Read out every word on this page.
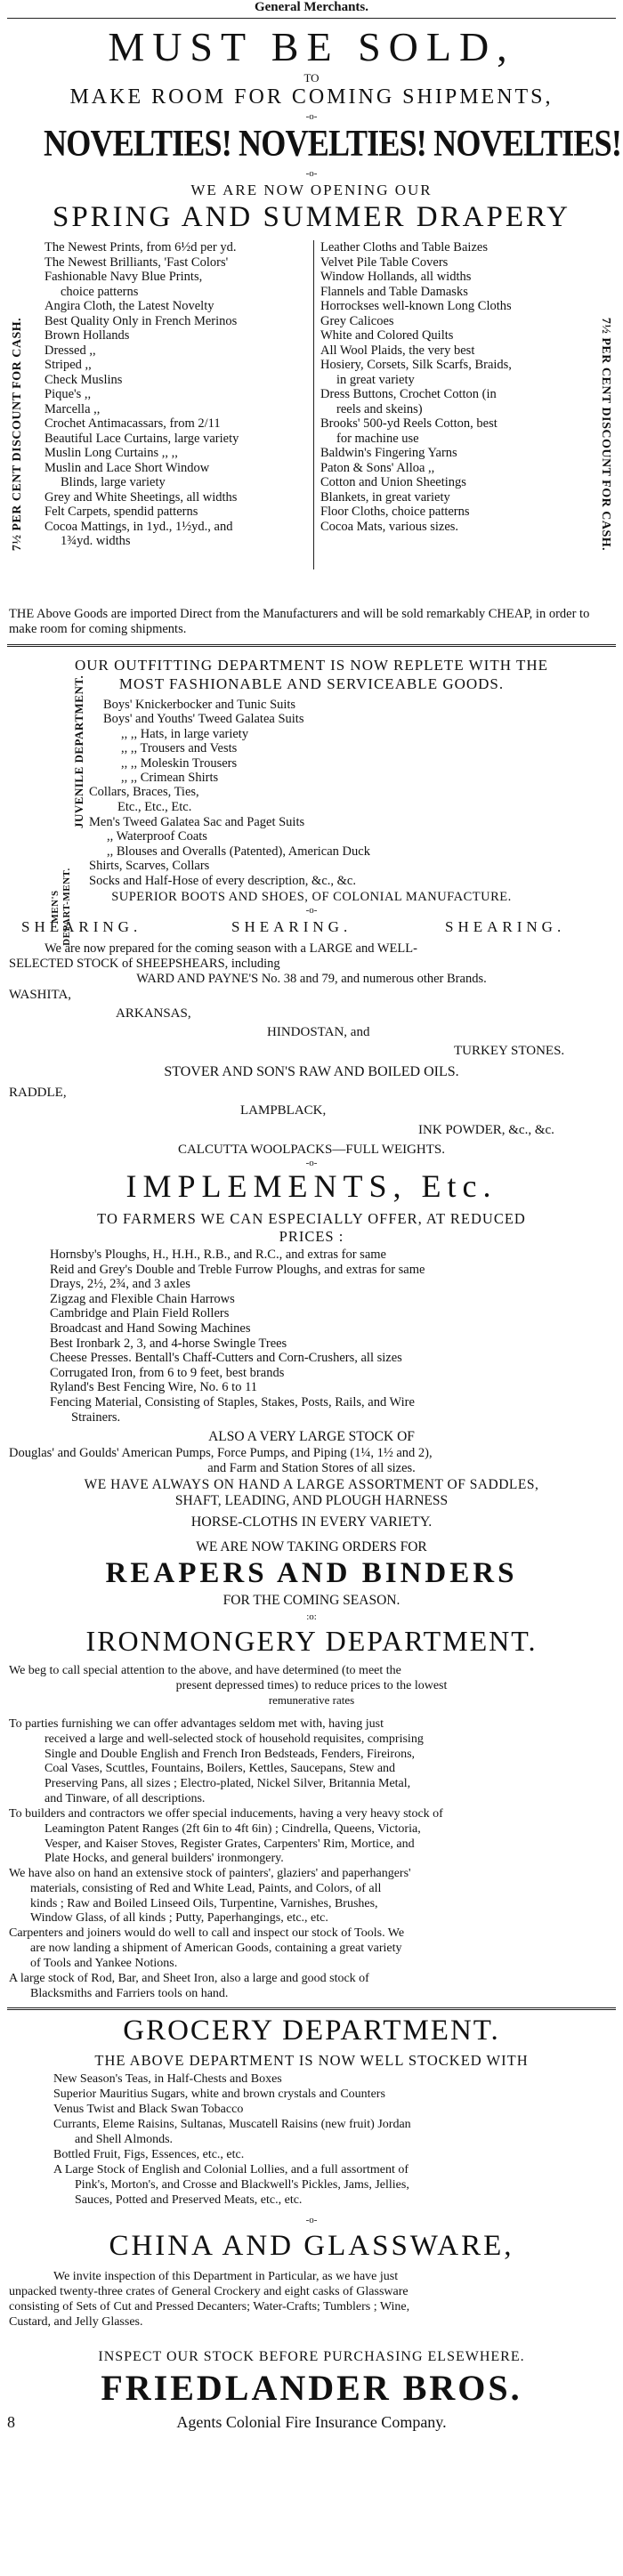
General Merchants.
MUST BE SOLD,
TO
MAKE ROOM FOR COMING SHIPMENTS,
-o-
NOVELTIES! NOVELTIES! NOVELTIES!
-o-
WE ARE NOW OPENING OUR
SPRING AND SUMMER DRAPERY
7½ PER CENT DISCOUNT FOR CASH.	7½ PER CENT DISCOUNT FOR CASH.
The Newest Prints, from 6½d per yd.
The Newest Brilliants, 'Fast Colors'
Fashionable Navy Blue Prints,
choice patterns
Angira Cloth, the Latest Novelty
Best Quality Only in French Merinos
Brown Hollands
Dressed ,,
Striped ,,
Check Muslins
Pique's ,,
Marcella ,,
Crochet Antimacassars, from 2/11
Beautiful Lace Curtains, large variety
Muslin Long Curtains ,, ,,
Muslin and Lace Short Window
Blinds, large variety
Grey and White Sheetings, all widths
Felt Carpets, spendid patterns
Cocoa Mattings, in 1yd., 1½yd., and
1¾yd. widths
Leather Cloths and Table Baizes
Velvet Pile Table Covers
Window Hollands, all widths
Flannels and Table Damasks
Horrockses well-known Long Cloths
Grey Calicoes
White and Colored Quilts
All Wool Plaids, the very best
Hosiery, Corsets, Silk Scarfs, Braids,
in great variety
Dress Buttons, Crochet Cotton (in
reels and skeins)
Brooks' 500-yd Reels Cotton, best
for machine use
Baldwin's Fingering Yarns
Paton & Sons' Alloa ,,
Cotton and Union Sheetings
Blankets, in great variety
Floor Cloths, choice patterns
Cocoa Mats, various sizes.
THE Above Goods are imported Direct from the Manufacturers and will be sold remarkably CHEAP, in order to make room for coming shipments.
OUR OUTFITTING DEPARTMENT IS NOW REPLETE WITH THE
MOST FASHIONABLE AND SERVICEABLE GOODS.
JUVENILE DEPARTMENT.
MEN'S DEPART-MENT.
Boys' Knickerbocker and Tunic Suits
Boys' and Youths' Tweed Galatea Suits
,, ,, Hats, in large variety
,, ,, Trousers and Vests
,, ,, Moleskin Trousers
,, ,, Crimean Shirts
Collars, Braces, Ties,
Etc., Etc., Etc.
Men's Tweed Galatea Sac and Paget Suits
,, Waterproof Coats
,, Blouses and Overalls (Patented), American Duck
Shirts, Scarves, Collars
Socks and Half-Hose of every description, &c., &c.
SUPERIOR BOOTS AND SHOES, OF COLONIAL MANUFACTURE.
-o-
SHEARING.	SHEARING.	SHEARING.
We are now prepared for the coming season with a LARGE and WELL-
SELECTED STOCK of SHEEPSHEARS, including
WARD AND PAYNE'S No. 38 and 79, and numerous other Brands.
WASHITA,
ARKANSAS,
HINDOSTAN, and
TURKEY STONES.
STOVER AND SON'S RAW AND BOILED OILS.
RADDLE,
LAMPBLACK,
INK POWDER, &c., &c.
CALCUTTA WOOLPACKS—FULL WEIGHTS.
-o-
IMPLEMENTS, Etc.
TO FARMERS WE CAN ESPECIALLY OFFER, AT REDUCED
PRICES :
Hornsby's Ploughs, H., H.H., R.B., and R.C., and extras for same
Reid and Grey's Double and Treble Furrow Ploughs, and extras for same
Drays, 2½, 2¾, and 3 axles
Zigzag and Flexible Chain Harrows
Cambridge and Plain Field Rollers
Broadcast and Hand Sowing Machines
Best Ironbark 2, 3, and 4-horse Swingle Trees
Cheese Presses. Bentall's Chaff-Cutters and Corn-Crushers, all sizes
Corrugated Iron, from 6 to 9 feet, best brands
Ryland's Best Fencing Wire, No. 6 to 11
Fencing Material, Consisting of Staples, Stakes, Posts, Rails, and Wire
Strainers.
ALSO A VERY LARGE STOCK OF
Douglas' and Goulds' American Pumps, Force Pumps, and Piping (1¼, 1½ and 2),
and Farm and Station Stores of all sizes.
WE HAVE ALWAYS ON HAND A LARGE ASSORTMENT OF SADDLES,
SHAFT, LEADING, AND PLOUGH HARNESS
HORSE-CLOTHS IN EVERY VARIETY.
WE ARE NOW TAKING ORDERS FOR
REAPERS AND BINDERS
FOR THE COMING SEASON.
:o:
IRONMONGERY DEPARTMENT.
We beg to call special attention to the above, and have determined (to meet the
present depressed times) to reduce prices to the lowest
remunerative rates
To parties furnishing we can offer advantages seldom met with, having just
received a large and well-selected stock of household requisites, comprising
Single and Double English and French Iron Bedsteads, Fenders, Fireirons,
Coal Vases, Scuttles, Fountains, Boilers, Kettles, Saucepans, Stew and
Preserving Pans, all sizes ; Electro-plated, Nickel Silver, Britannia Metal,
and Tinware, of all descriptions.
To builders and contractors we offer special inducements, having a very heavy stock of
Leamington Patent Ranges (2ft 6in to 4ft 6in) ; Cindrella, Queens, Victoria,
Vesper, and Kaiser Stoves, Register Grates, Carpenters' Rim, Mortice, and
Plate Hocks, and general builders' ironmongery.
We have also on hand an extensive stock of painters', glaziers' and paperhangers'
materials, consisting of Red and White Lead, Paints, and Colors, of all
kinds ; Raw and Boiled Linseed Oils, Turpentine, Varnishes, Brushes,
Window Glass, of all kinds ; Putty, Paperhangings, etc., etc.
Carpenters and joiners would do well to call and inspect our stock of Tools. We
are now landing a shipment of American Goods, containing a great variety
of Tools and Yankee Notions.
A large stock of Rod, Bar, and Sheet Iron, also a large and good stock of
Blacksmiths and Farriers tools on hand.
GROCERY DEPARTMENT.
THE ABOVE DEPARTMENT IS NOW WELL STOCKED WITH
New Season's Teas, in Half-Chests and Boxes
Superior Mauritius Sugars, white and brown crystals and Counters
Venus Twist and Black Swan Tobacco
Currants, Eleme Raisins, Sultanas, Muscatell Raisins (new fruit) Jordan
and Shell Almonds.
Bottled Fruit, Figs, Essences, etc., etc.
A Large Stock of English and Colonial Lollies, and a full assortment of
Pink's, Morton's, and Crosse and Blackwell's Pickles, Jams, Jellies,
Sauces, Potted and Preserved Meats, etc., etc.
-o-
CHINA AND GLASSWARE,
We invite inspection of this Department in Particular, as we have just
unpacked twenty-three crates of General Crockery and eight casks of Glassware
consisting of Sets of Cut and Pressed Decanters; Water-Crafts; Tumblers ; Wine,
Custard, and Jelly Glasses.
INSPECT OUR STOCK BEFORE PURCHASING ELSEWHERE.
FRIEDLANDER BROS.
Agents Colonial Fire Insurance Company.
8
